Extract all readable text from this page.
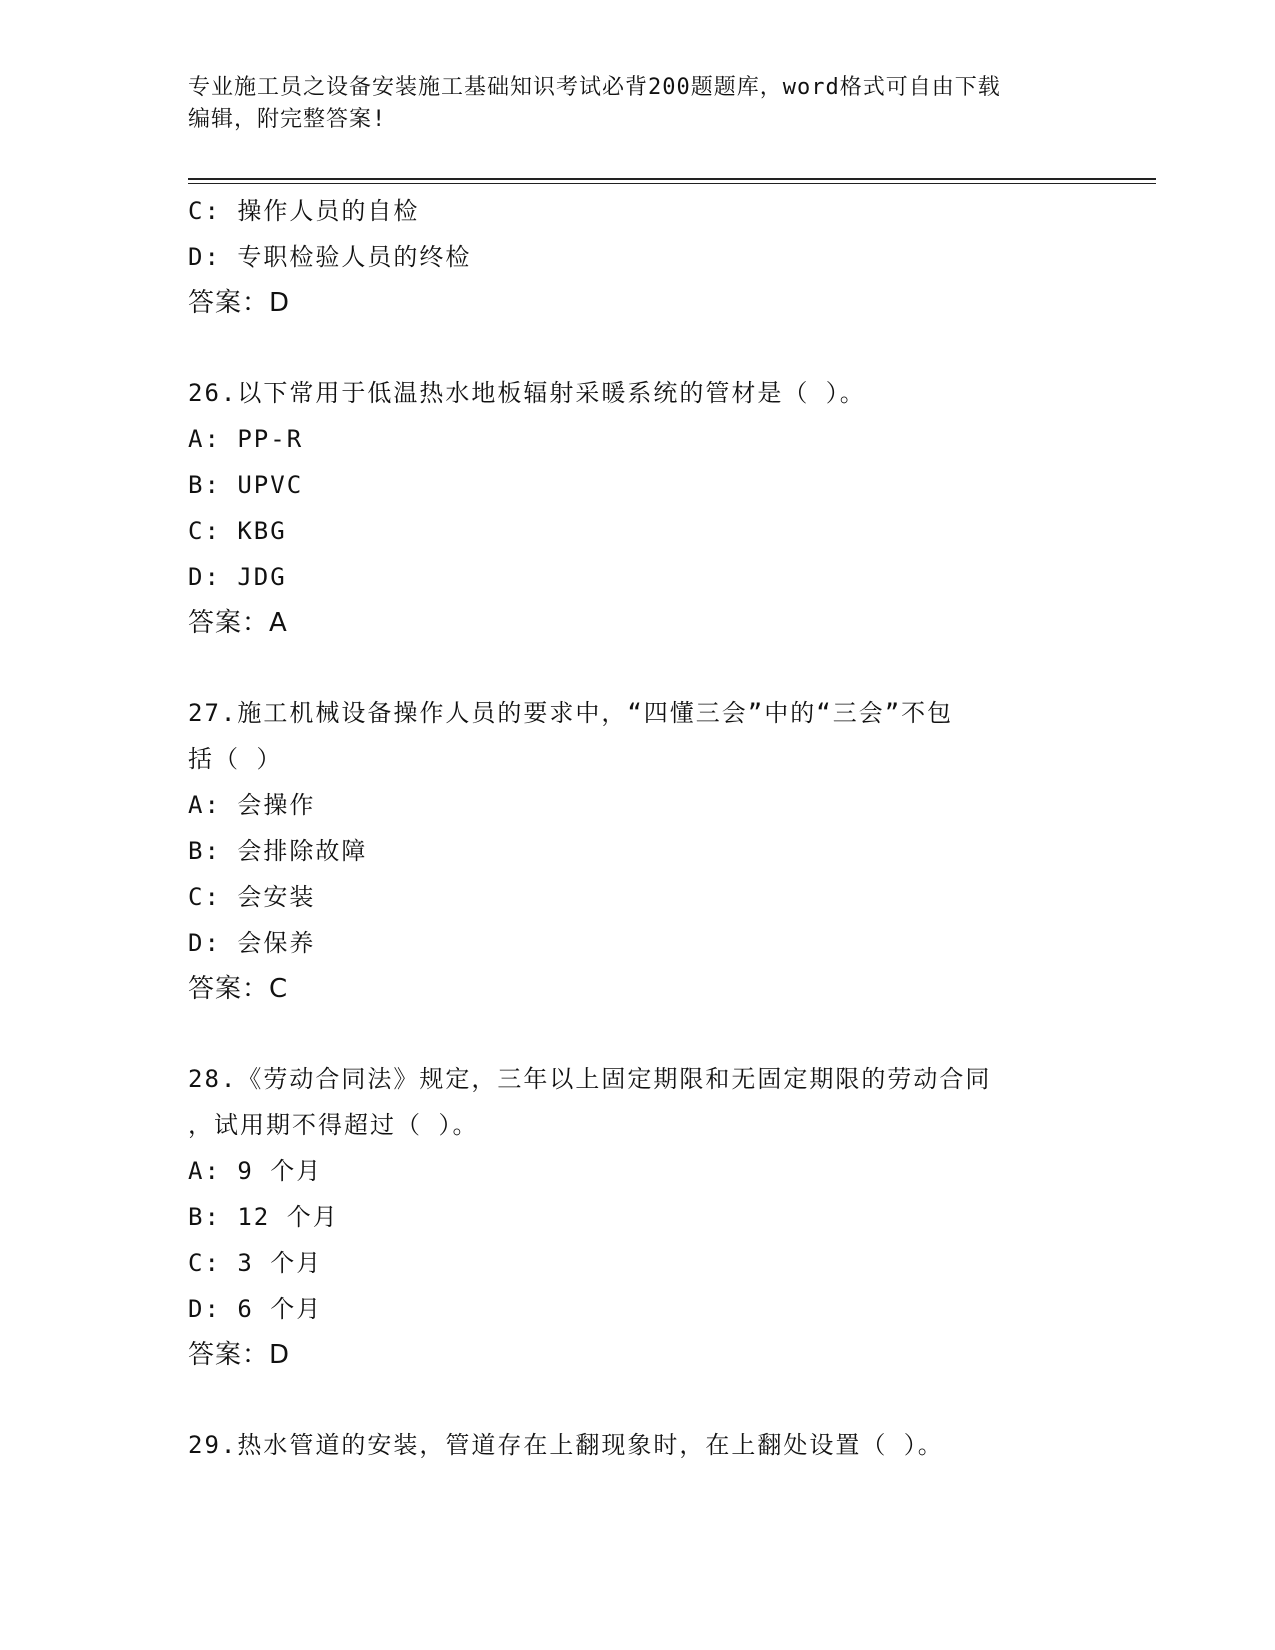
专业施工员之设备安装施工基础知识考试必背200题题库，word格式可自由下载
编辑，附完整答案!
C: 操作人员的自检
D: 专职检验人员的终检
答案：D
26.以下常用于低温热水地板辐射采暖系统的管材是（ ）。
A: PP-R
B: UPVC
C: KBG
D: JDG
答案：A
27.施工机械设备操作人员的要求中，“四懂三会”中的“三会”不包
括（ ）
A: 会操作
B: 会排除故障
C: 会安装
D: 会保养
答案：C
28.《劳动合同法》规定，三年以上固定期限和无固定期限的劳动合同
，试用期不得超过（ ）。
A: 9 个月
B: 12 个月
C: 3 个月
D: 6 个月
答案：D
29.热水管道的安装，管道存在上翻现象时，在上翻处设置（ ）。
